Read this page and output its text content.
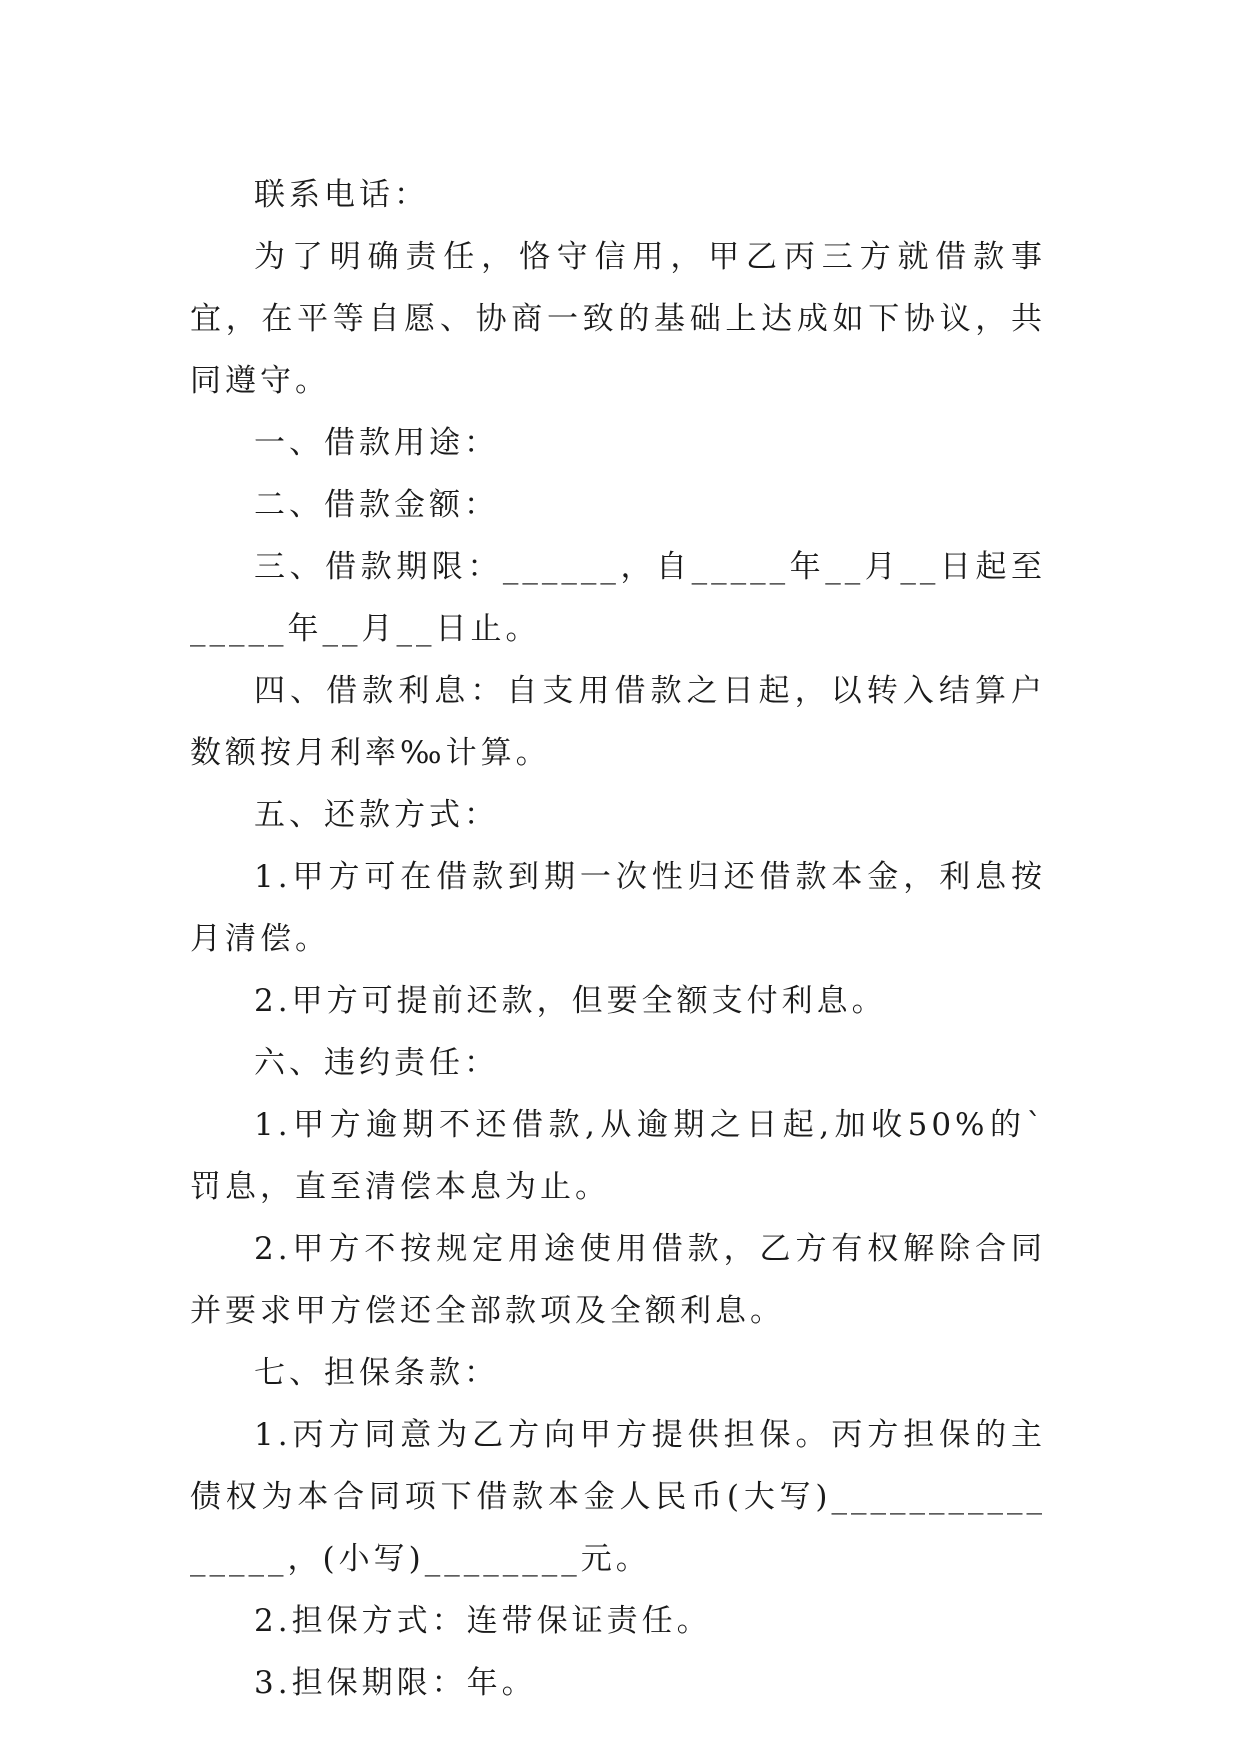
联系电话：

为了明确责任，恪守信用，甲乙丙三方就借款事宜，在平等自愿、协商一致的基础上达成如下协议，共同遵守。

一、借款用途：

二、借款金额：

三、借款期限：______，自_____年__月__日起至_____年__月__日止。

四、借款利息：自支用借款之日起，以转入结算户数额按月利率‰计算。

五、还款方式：

1.甲方可在借款到期一次性归还借款本金，利息按月清偿。

2.甲方可提前还款，但要全额支付利息。

六、违约责任：

1.甲方逾期不还借款,从逾期之日起,加收50%的`罚息，直至清偿本息为止。

2.甲方不按规定用途使用借款，乙方有权解除合同并要求甲方偿还全部款项及全额利息。

七、担保条款：

1.丙方同意为乙方向甲方提供担保。丙方担保的主债权为本合同项下借款本金人民币(大写)________________，(小写)________元。

2.担保方式：连带保证责任。

3.担保期限：年。
